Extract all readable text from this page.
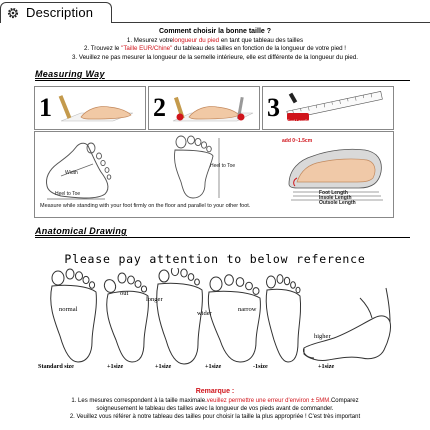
Description
Comment choisir la bonne taille ?
1. Mesurez votrelongueur du pied en tant que tableau des tailles
2. Trouvez le "Taille EUR/Chine" du tableau des tailles en fonction de la longueur de votre pied !
3. Veuillez ne pas mesurer la longueur de la semelle intérieure, elle est différente de la longueur du pied.
Measuring Way
1	2	3 Foot Length
Width
Heel to Toe
Heel to Toe
add 0~1.5cm
Foot Length
Insole Length
Outsole Length
Measure while standing with your foot firmly on the floor and parallel to your other foot.
Anatomical Drawing
Please pay attention to below reference
normal
out
longer
wider
narrow
higher
Standard size	+1size	+1size	+1size	-1size	+1size
Remarque :
1. Les mesures correspondent à la taille maximale.veuillez permettre une erreur d'environ ± 5MM.Comparez
soigneusement le tableau des tailles avec la longueur de vos pieds avant de commander.
2. Veuillez vous référer à notre tableau des tailles pour choisir la taille la plus appropriée ! C'est très important
